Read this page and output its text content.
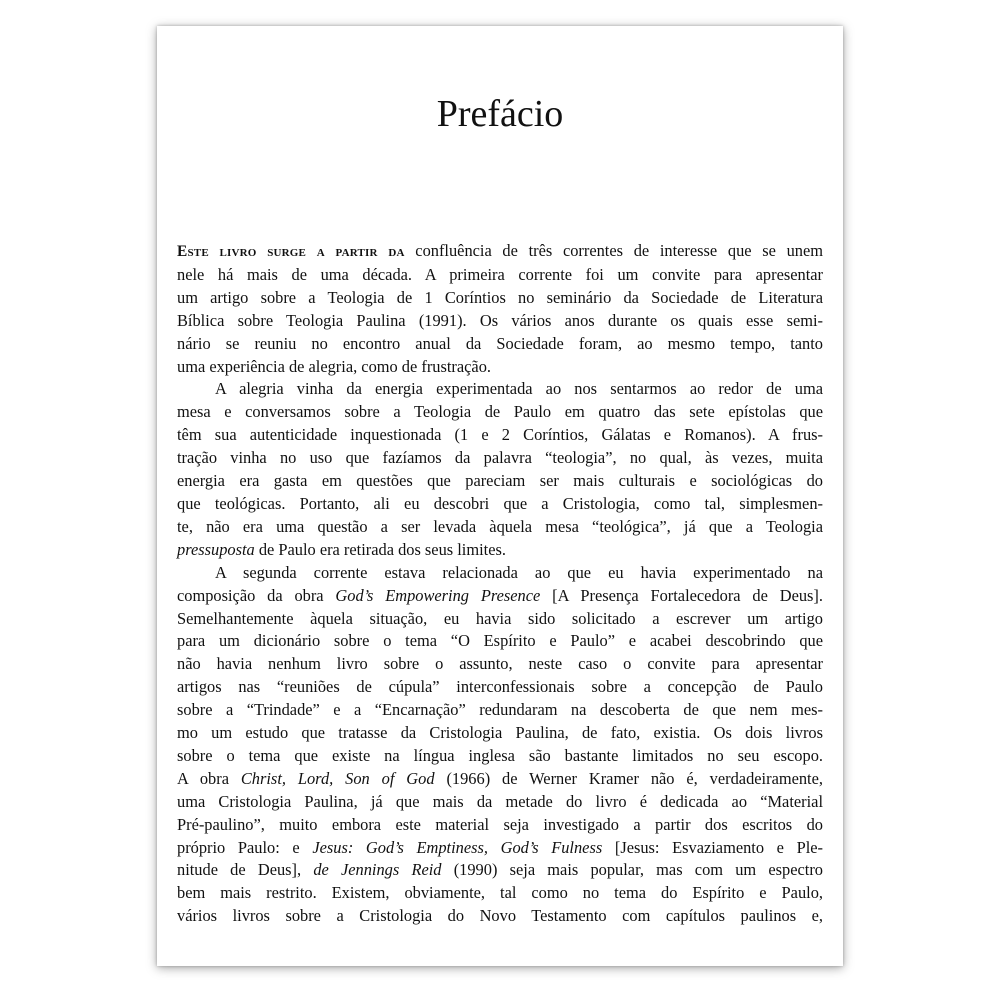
Prefácio
Este livro surge a partir da confluência de três correntes de interesse que se unem
nele há mais de uma década. A primeira corrente foi um convite para apresentar
um artigo sobre a Teologia de 1 Coríntios no seminário da Sociedade de Literatura
Bíblica sobre Teologia Paulina (1991). Os vários anos durante os quais esse semi-
nário se reuniu no encontro anual da Sociedade foram, ao mesmo tempo, tanto
uma experiência de alegria, como de frustração.
A alegria vinha da energia experimentada ao nos sentarmos ao redor de uma
mesa e conversamos sobre a Teologia de Paulo em quatro das sete epístolas que
têm sua autenticidade inquestionada (1 e 2 Coríntios, Gálatas e Romanos). A frus-
tração vinha no uso que fazíamos da palavra “teologia”, no qual, às vezes, muita
energia era gasta em questões que pareciam ser mais culturais e sociológicas do
que teológicas. Portanto, ali eu descobri que a Cristologia, como tal, simplesmen-
te, não era uma questão a ser levada àquela mesa “teológica”, já que a Teologia
pressuposta de Paulo era retirada dos seus limites.
A segunda corrente estava relacionada ao que eu havia experimentado na
composição da obra God’s Empowering Presence [A Presença Fortalecedora de Deus].
Semelhantemente àquela situação, eu havia sido solicitado a escrever um artigo
para um dicionário sobre o tema “O Espírito e Paulo” e acabei descobrindo que
não havia nenhum livro sobre o assunto, neste caso o convite para apresentar
artigos nas “reuniões de cúpula” interconfessionais sobre a concepção de Paulo
sobre a “Trindade” e a “Encarnação” redundaram na descoberta de que nem mes-
mo um estudo que tratasse da Cristologia Paulina, de fato, existia. Os dois livros
sobre o tema que existe na língua inglesa são bastante limitados no seu escopo.
A obra Christ, Lord, Son of God (1966) de Werner Kramer não é, verdadeiramente,
uma Cristologia Paulina, já que mais da metade do livro é dedicada ao “Material
Pré-paulino”, muito embora este material seja investigado a partir dos escritos do
próprio Paulo: e Jesus: God’s Emptiness, God’s Fulness [Jesus: Esvaziamento e Ple-
nitude de Deus], de Jennings Reid (1990) seja mais popular, mas com um espectro
bem mais restrito. Existem, obviamente, tal como no tema do Espírito e Paulo,
vários livros sobre a Cristologia do Novo Testamento com capítulos paulinos e,
